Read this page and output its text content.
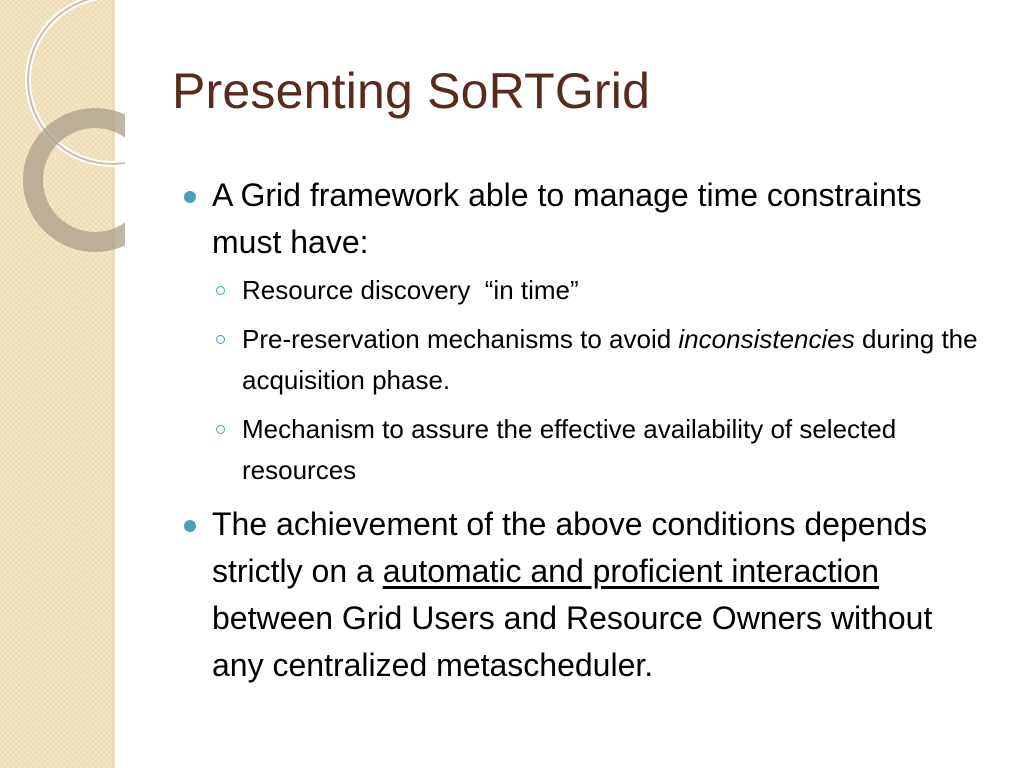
Presenting SoRTGrid
A Grid framework able to manage time constraints must have:
Resource discovery  “in time”
Pre-reservation mechanisms to avoid inconsistencies during the acquisition phase.
Mechanism to assure the effective availability of selected resources
The achievement of the above conditions depends strictly on a automatic and proficient interaction between Grid Users and Resource Owners without any centralized metascheduler.
